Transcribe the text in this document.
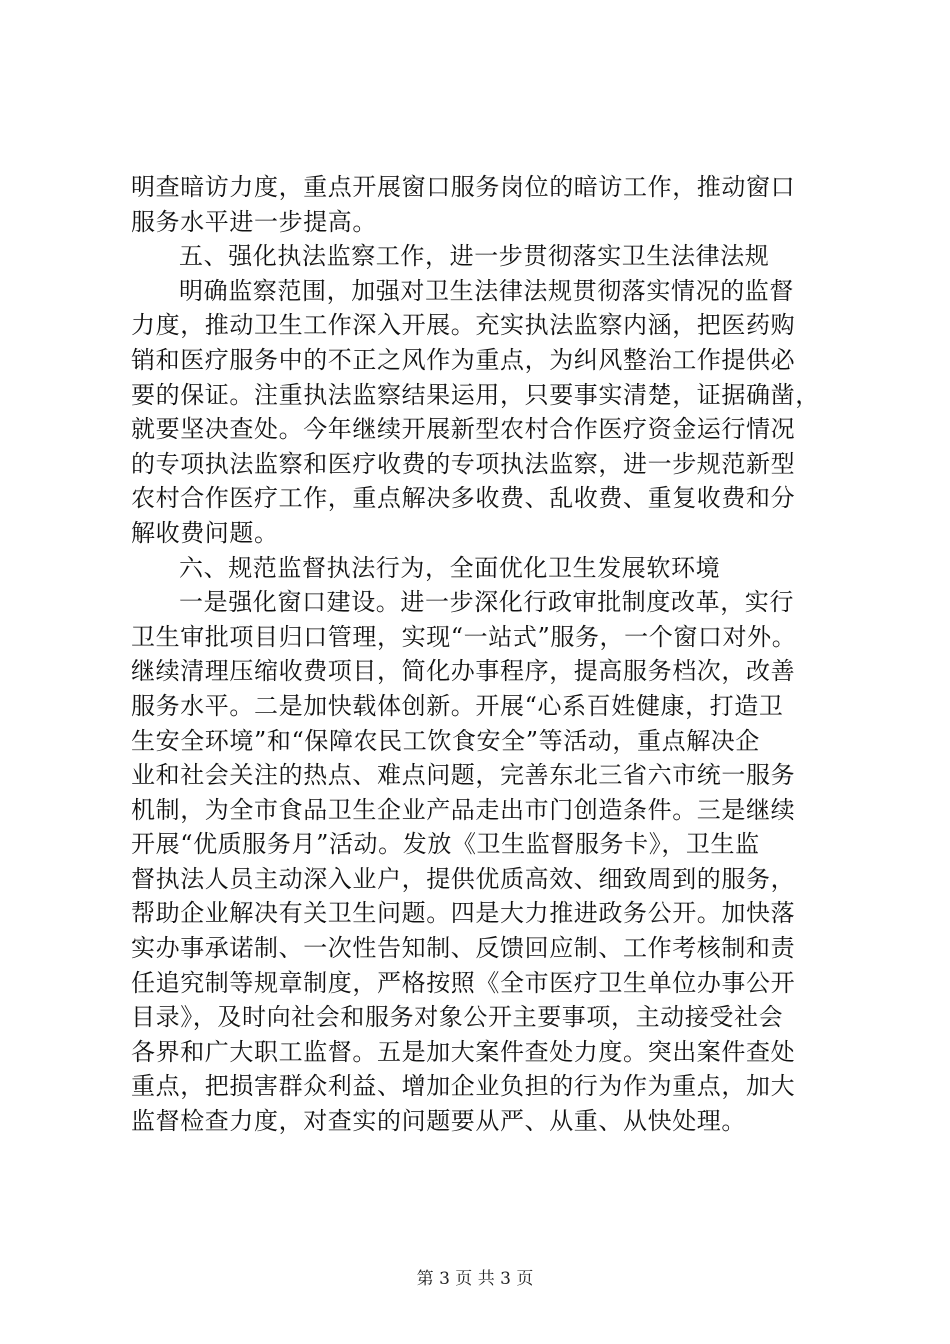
明查暗访力度，重点开展窗口服务岗位的暗访工作，推动窗口
服务水平进一步提高。
五、强化执法监察工作，进一步贯彻落实卫生法律法规
明确监察范围，加强对卫生法律法规贯彻落实情况的监督
力度，推动卫生工作深入开展。充实执法监察内涵，把医药购
销和医疗服务中的不正之风作为重点，为纠风整治工作提供必
要的保证。注重执法监察结果运用，只要事实清楚，证据确凿，
就要坚决查处。今年继续开展新型农村合作医疗资金运行情况
的专项执法监察和医疗收费的专项执法监察，进一步规范新型
农村合作医疗工作，重点解决多收费、乱收费、重复收费和分
解收费问题。
六、规范监督执法行为，全面优化卫生发展软环境
一是强化窗口建设。进一步深化行政审批制度改革，实行
卫生审批项目归口管理，实现“一站式”服务，一个窗口对外。
继续清理压缩收费项目，简化办事程序，提高服务档次，改善
服务水平。二是加快载体创新。开展“心系百姓健康，打造卫
生安全环境”和“保障农民工饮食安全”等活动，重点解决企
业和社会关注的热点、难点问题，完善东北三省六市统一服务
机制，为全市食品卫生企业产品走出市门创造条件。三是继续
开展“优质服务月”活动。发放《卫生监督服务卡》，卫生监
督执法人员主动深入业户，提供优质高效、细致周到的服务，
帮助企业解决有关卫生问题。四是大力推进政务公开。加快落
实办事承诺制、一次性告知制、反馈回应制、工作考核制和责
任追究制等规章制度，严格按照《全市医疗卫生单位办事公开
目录》，及时向社会和服务对象公开主要事项，主动接受社会
各界和广大职工监督。五是加大案件查处力度。突出案件查处
重点，把损害群众利益、增加企业负担的行为作为重点，加大
监督检查力度，对查实的问题要从严、从重、从快处理。
第 3 页 共 3 页
